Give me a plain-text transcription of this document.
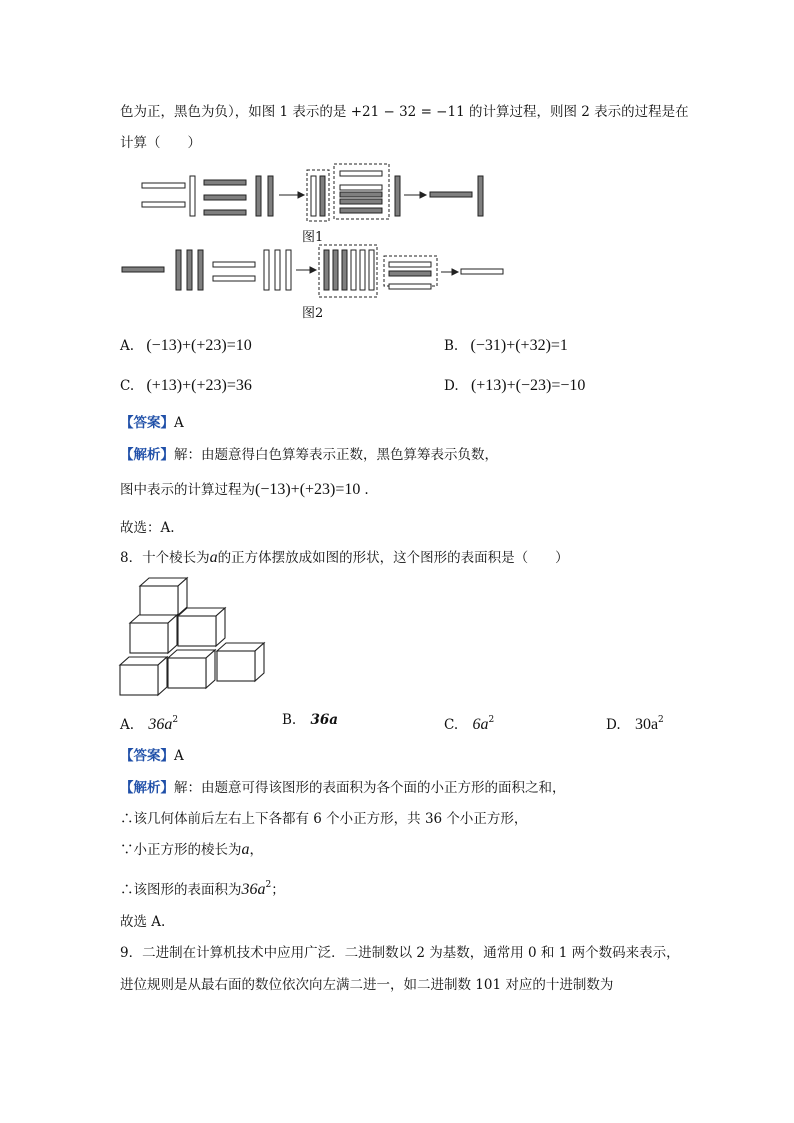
色为正，黑色为负），如图 1 表示的是 +21 − 32 = −11 的计算过程，则图 2 表示的过程是在
计算（　　）
图1
图2
A. (−13)+(+23)=10	B. (−31)+(+32)=1
C. (+13)+(+23)=36	D. (+13)+(−23)=−10
【答案】A
【解析】解：由题意得白色算筹表示正数，黑色算筹表示负数，
图中表示的计算过程为(−13)+(+23)=10 .
故选：A.
8．十个棱长为a的正方体摆放成如图的形状，这个图形的表面积是（　　）
A. $36a^2$	B. 36a	C. $6a^2$	D. $30a^2$
【答案】A
【解析】解：由题意可得该图形的表面积为各个面的小正方形的面积之和，
∴该几何体前后左右上下各都有 6 个小正方形，共 36 个小正方形，
∵小正方形的棱长为a，
∴该图形的表面积为$36a^2$；
故选 A.
9．二进制在计算机技术中应用广泛．二进制数以 2 为基数，通常用 0 和 1 两个数码来表示，
进位规则是从最右面的数位依次向左满二进一，如二进制数 101 对应的十进制数为
